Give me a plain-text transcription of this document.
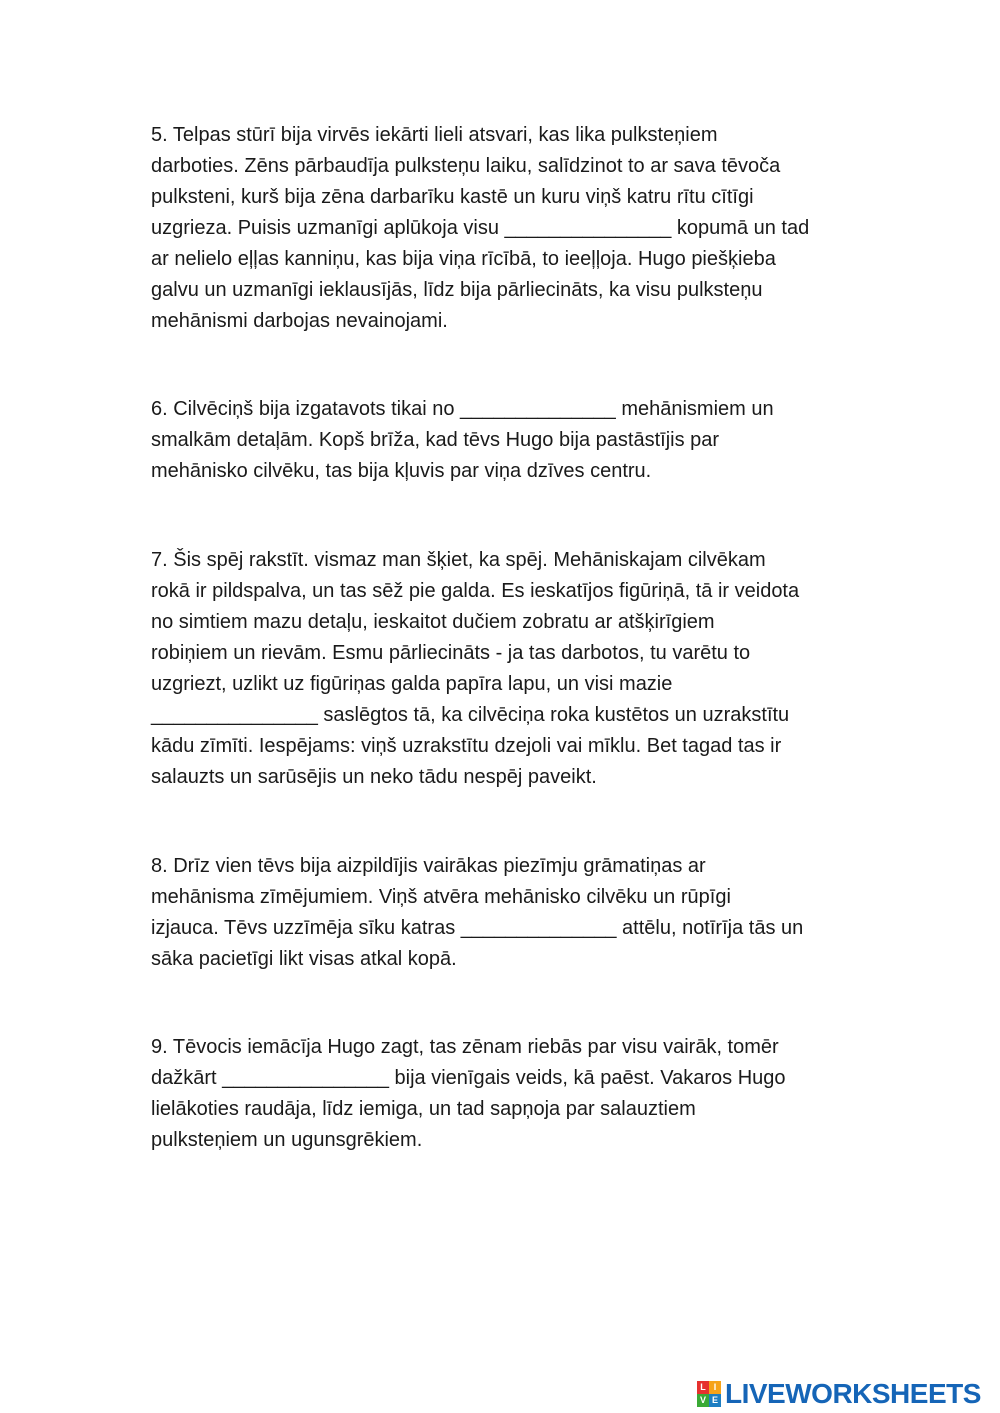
5. Telpas stūrī bija virvēs iekārti lieli atsvari, kas lika pulksteņiem
darboties. Zēns pārbaudīja pulksteņu laiku, salīdzinot to ar sava tēvoča
pulksteni, kurš bija zēna darbarīku kastē un kuru viņš katru rītu cītīgi
uzgrieza. Puisis uzmanīgi aplūkoja visu _______________ kopumā un tad
ar nelielo eļļas kanniņu, kas bija viņa rīcībā, to ieeļļoja. Hugo piešķieba
galvu un uzmanīgi ieklausījās, līdz bija pārliecināts, ka visu pulksteņu
mehānismi darbojas nevainojami.

6. Cilvēciņš bija izgatavots tikai no ______________ mehānismiem un
smalkām detaļām. Kopš brīža, kad tēvs Hugo bija pastāstījis par
mehānisko cilvēku, tas bija kļuvis par viņa dzīves centru.

7. Šis spēj rakstīt. vismaz man šķiet, ka spēj. Mehāniskajam cilvēkam
rokā ir pildspalva, un tas sēž pie galda. Es ieskatījos figūriņā, tā ir veidota
no simtiem mazu detaļu, ieskaitot dučiem zobratu ar atšķirīgiem
robiņiem un rievām. Esmu pārliecināts - ja tas darbotos, tu varētu to
uzgriezt, uzlikt uz figūriņas galda papīra lapu, un visi mazie
_______________ saslēgtos tā, ka cilvēciņa roka kustētos un uzrakstītu
kādu zīmīti. Iespējams: viņš uzrakstītu dzejoli vai mīklu. Bet tagad tas ir
salauzts un sarūsējis un neko tādu nespēj paveikt.

8. Drīz vien tēvs bija aizpildījis vairākas piezīmju grāmatiņas ar
mehānisma zīmējumiem. Viņš atvēra mehānisko cilvēku un rūpīgi
izjauca. Tēvs uzzīmēja sīku katras ______________ attēlu, notīrīja tās un
sāka pacietīgi likt visas atkal kopā.

9. Tēvocis iemācīja Hugo zagt, tas zēnam riebās par visu vairāk, tomēr
dažkārt _______________ bija vienīgais veids, kā paēst. Vakaros Hugo
lielākoties raudāja, līdz iemiga, un tad sapņoja par salauztiem
pulksteņiem un ugunsgrēkiem.

L I
V E LIVEWORKSHEETS
